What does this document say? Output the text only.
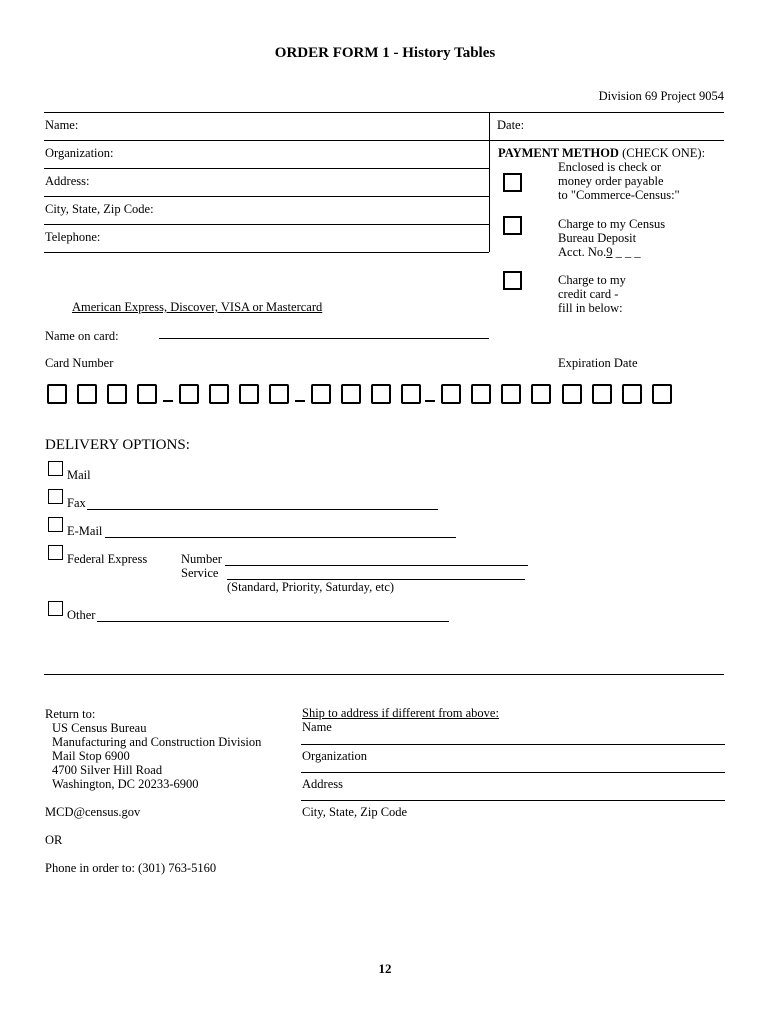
ORDER FORM 1 - History Tables
Division 69 Project 9054
Name:	Date:
Organization:
Address:
City, State, Zip Code:
Telephone:
PAYMENT METHOD (CHECK ONE):
Enclosed is check or
money order payable
to "Commerce-Census:"
Charge to my Census
Bureau Deposit
Acct. No.9 _ _ _
Charge to my
credit card -
fill in below:
American Express, Discover, VISA or Mastercard
Name on card:
Card Number	Expiration Date
DELIVERY OPTIONS:
Mail
Fax
E-Mail
Federal Express	Number
Service
(Standard, Priority, Saturday, etc)
Other
Return to:
US Census Bureau
Manufacturing and Construction Division
Mail Stop 6900
4700 Silver Hill Road
Washington, DC 20233-6900
MCD@census.gov
OR
Phone in order to: (301) 763-5160
Ship to address if different from above:
Name
Organization
Address
City, State, Zip Code
12
